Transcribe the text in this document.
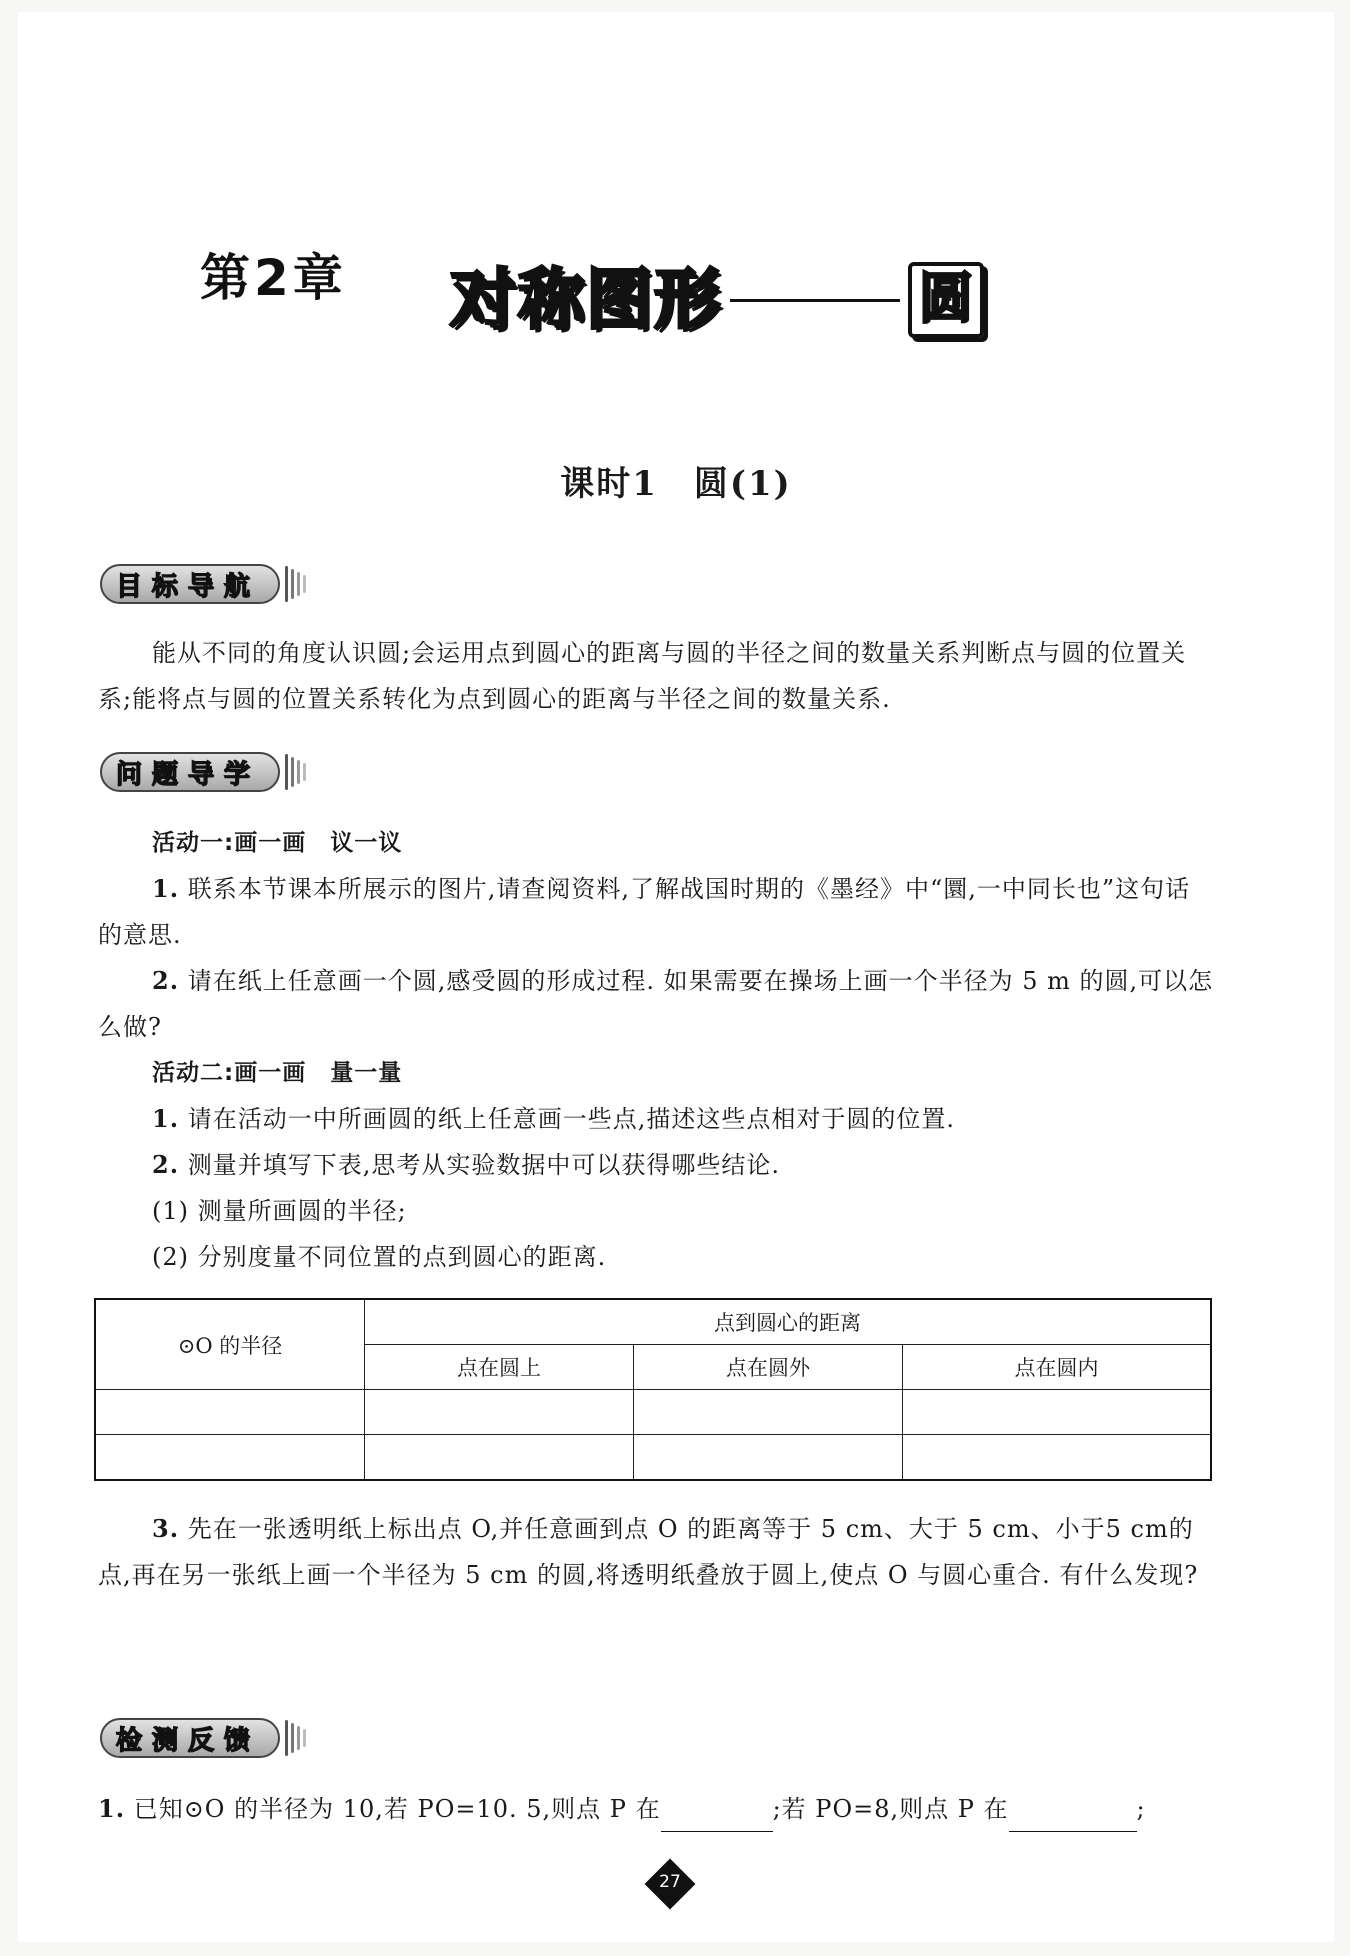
第2章 对 称 图 形	圆
课时1　圆(1)
目标导航
能从不同的角度认识圆;会运用点到圆心的距离与圆的半径之间的数量关系判断点与圆的位置关系;能将点与圆的位置关系转化为点到圆心的距离与半径之间的数量关系.
问题导学
活动一:画一画　议一议
1. 联系本节课本所展示的图片,请查阅资料,了解战国时期的《墨经》中“圜,一中同长也”这句话的意思.
2. 请在纸上任意画一个圆,感受圆的形成过程. 如果需要在操场上画一个半径为 5 m 的圆,可以怎么做?
活动二:画一画　量一量
1. 请在活动一中所画圆的纸上任意画一些点,描述这些点相对于圆的位置.
2. 测量并填写下表,思考从实验数据中可以获得哪些结论.
(1) 测量所画圆的半径;
(2) 分别度量不同位置的点到圆心的距离.
⊙O 的半径	点到圆心的距离		
	点在圆上	点在圆外	点在圆内

3. 先在一张透明纸上标出点 O,并任意画到点 O 的距离等于 5 cm、大于 5 cm、小于5 cm的点,再在另一张纸上画一个半径为 5 cm 的圆,将透明纸叠放于圆上,使点 O 与圆心重合. 有什么发现?
检测反馈
1. 已知⊙O 的半径为 10,若 PO=10. 5,则点 P 在	;若 PO=8,则点 P 在	;
27
